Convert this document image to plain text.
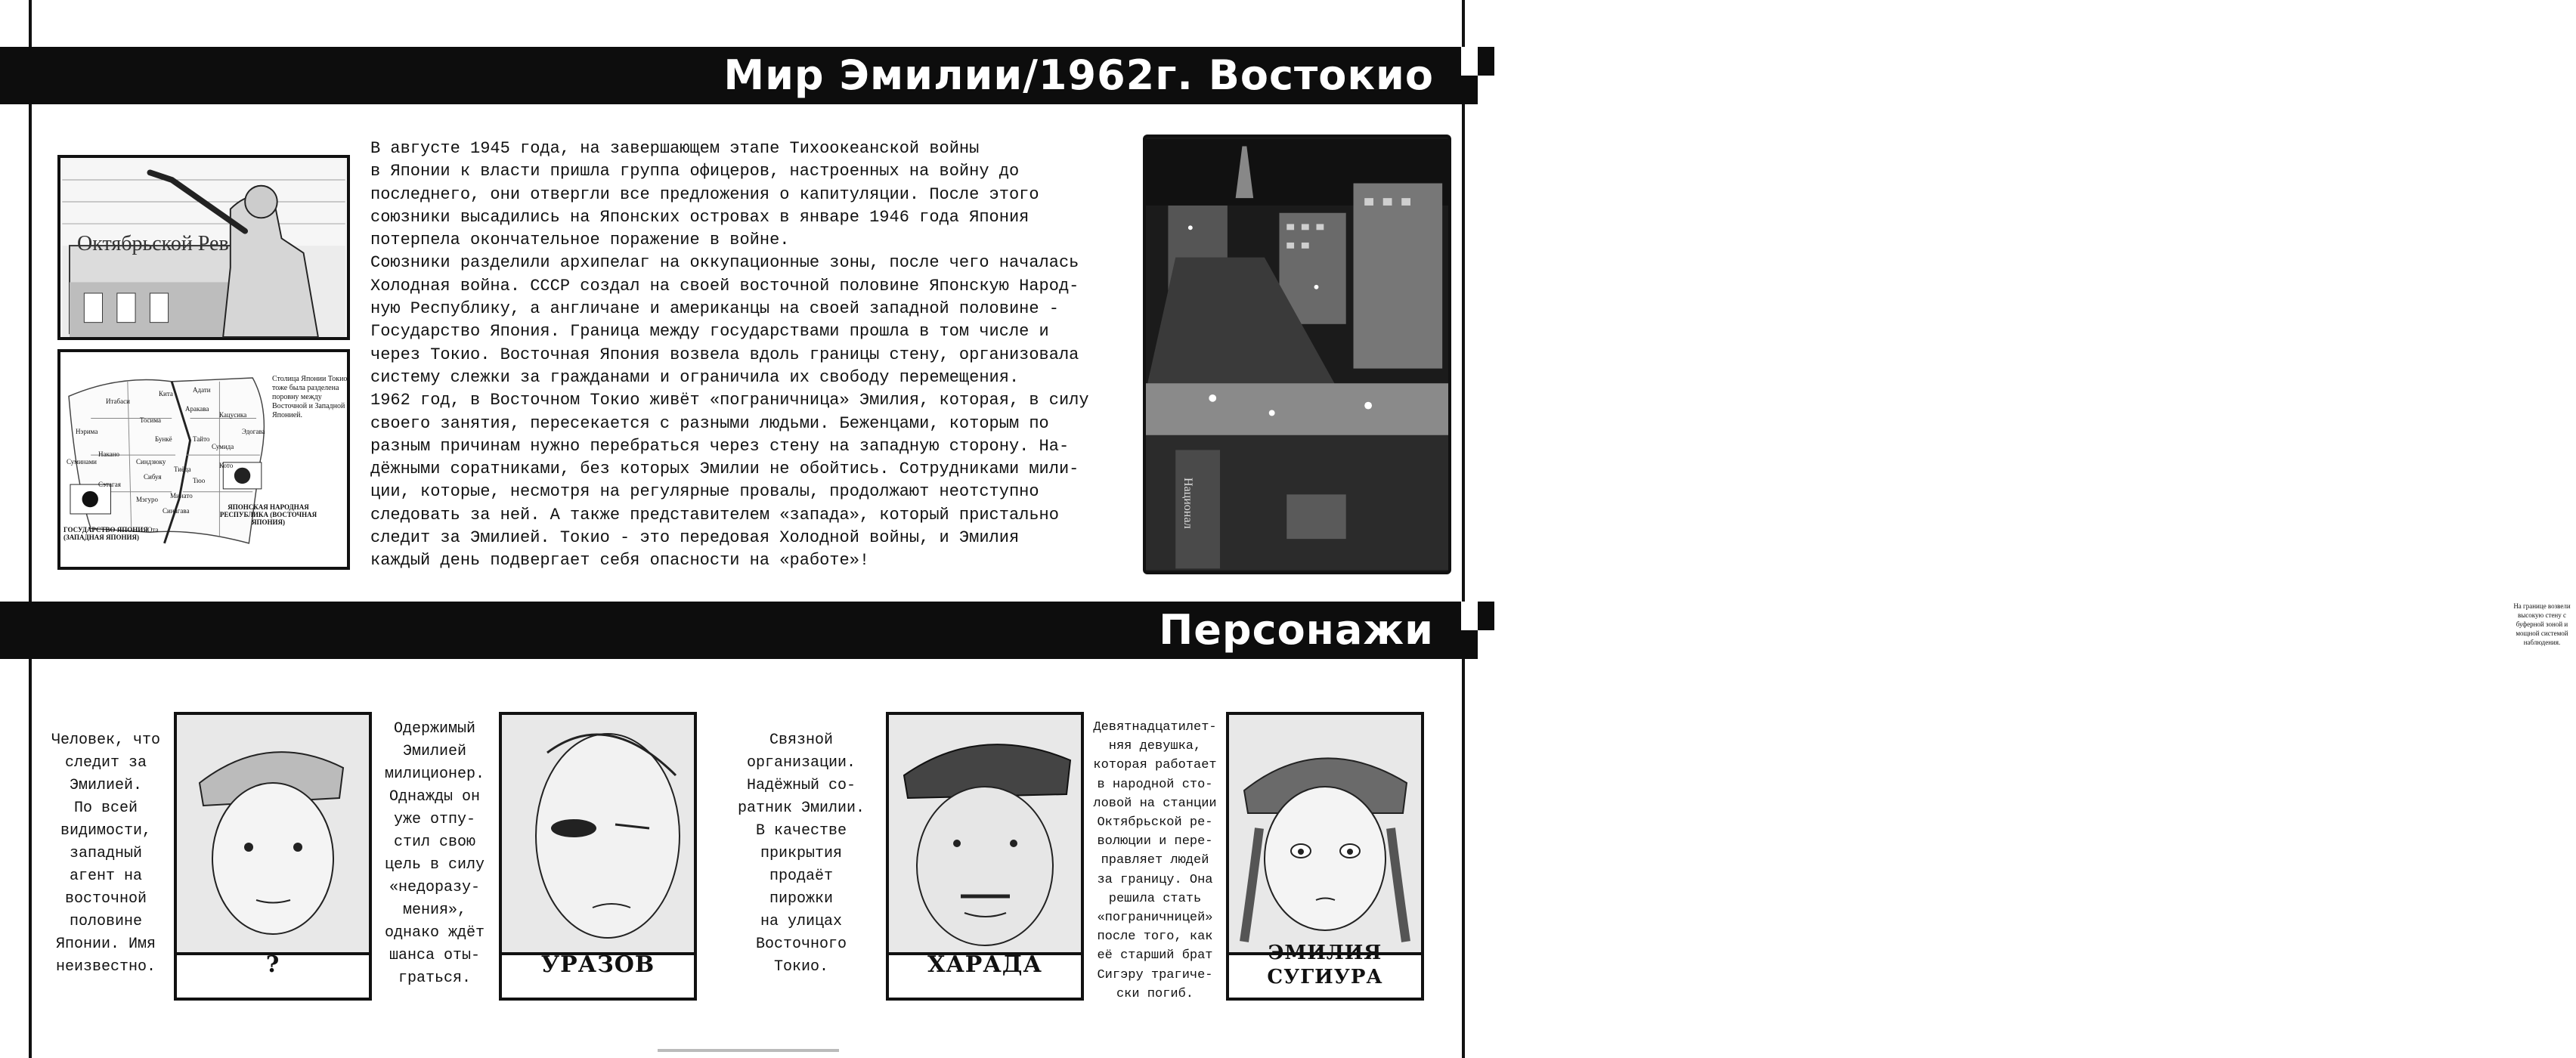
Мир Эмилии/1962г. Востокио
Октябрьской Рев
Столица Японии Токио тоже была разделена поровну между Восточной и Западной Японией.
ГОСУДАРСТВО ЯПОНИЯ (ЗАПАДНАЯ ЯПОНИЯ)
ЯПОНСКАЯ НАРОДНАЯ РЕСПУБЛИКА (ВОСТОЧНАЯ ЯПОНИЯ)
Итабаси
Кита	Адати
Нэрима
Тосима
Аракава
Кацусика
Бункё	Тайто
Накано
Суминами	Синдзюку
Тиёда
Сумида
Эдогава
Тюо
Кото
Сибуя
Минато
Мэгуро
Сэтагая
Синагава
Ота

В августе 1945 года, на завершающем этапе Тихоокеанской войны

в Японии к власти пришла группа офицеров, настроенных на войну до

последнего, они отвергли все предложения о капитуляции. После этого

союзники высадились на Японских островах в январе 1946 года Япония

потерпела окончательное поражение в войне.

Союзники разделили архипелаг на оккупационные зоны, после чего началась

Холодная война. СССР создал на своей восточной половине Японскую Народ-

ную Республику, а англичане и американцы на своей западной половине -

Государство Япония. Граница между государствами прошла в том числе и

через Токио. Восточная Япония возвела вдоль границы стену, организовала

систему слежки за гражданами и ограничила их свободу перемещения.

1962 год, в Восточном Токио живёт «пограничница» Эмилия, которая, в силу

своего занятия, пересекается с разными людьми. Беженцами, которым по

разным причинам нужно перебраться через стену на западную сторону. На-

дёжными соратниками, без которых Эмилии не обойтись. Сотрудниками мили-

ции, которые, несмотря на регулярные провалы, продолжают неотступно

следовать за ней. А также представителем «запада», который пристально

следит за Эмилией. Токио - это передовая Холодной войны, и Эмилия

каждый день подвергает себя опасности на «работе»!

На границе возвели высокую стену с буферной зоной и мощной системой наблюдения.
Национал
Персонажи
Человек, что
следит за
Эмилией.
По всей
видимости,
западный
агент на
восточной
половине
Японии. Имя
неизвестно.	?
Одержимый
Эмилией
милиционер.
Однажды он
уже отпу-
стил свою
цель в силу
«недоразу-
мения»,
однако ждёт
шанса оты-
граться.
УРАЗОВ
Связной
организации.
Надёжный со-
ратник Эмилии.
В качестве
прикрытия
продаёт
пирожки
на улицах
Восточного
Токио.	ХАРАДА
Девятнадцатилет-
няя девушка,
которая работает
в народной сто-
ловой на станции
Октябрьской ре-
волюции и пере-
правляет людей
за границу. Она
решила стать
«пограничницей»
после того, как
её старший брат
Сигэру трагиче-
ски погиб.
ЭМИЛИЯ
СУГИУРА
